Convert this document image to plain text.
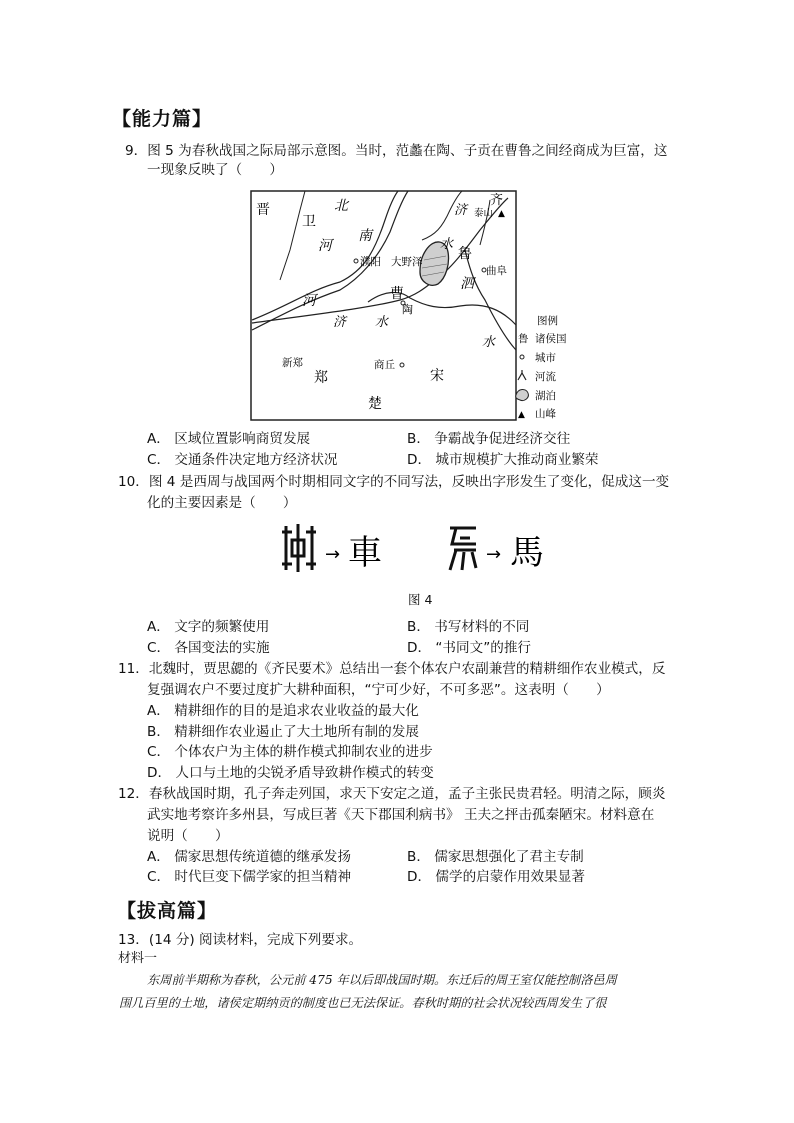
【能力篇】
9．图 5 为春秋战国之际局部示意图。当时，范蠡在陶、子贡在曹鲁之间经商成为巨富，这
一现象反映了（　　）
晋
卫
北
南
河
河
濮阳 大野泽
济
齐
泰山 ▲
水
鲁
曲阜
泗
曹
陶
济 水
水
新郑
郑
商丘
宋
楚
图例
鲁 诸侯国
城市
河流
湖泊
▲ 山峰
A． 区域位置影响商贸发展	B． 争霸战争促进经济交往
C． 交通条件决定地方经济状况	D． 城市规模扩大推动商业繁荣
10．图 4 是西周与战国两个时期相同文字的不同写法，反映出字形发生了变化，促成这一变
化的主要因素是（　　）
→ 車	→ 馬
图 4
A． 文字的频繁使用	B． 书写材料的不同
C． 各国变法的实施	D． “书同文”的推行
11．北魏时，贾思勰的《齐民要术》总结出一套个体农户农副兼营的精耕细作农业模式，反
复强调农户不要过度扩大耕种面积，“宁可少好，不可多恶”。这表明（　　）
A． 精耕细作的目的是追求农业收益的最大化
B． 精耕细作农业遏止了大土地所有制的发展
C． 个体农户为主体的耕作模式抑制农业的进步
D． 人口与土地的尖锐矛盾导致耕作模式的转变
12．春秋战国时期，孔子奔走列国，求天下安定之道，孟子主张民贵君轻。明清之际，顾炎
武实地考察许多州县，写成巨著《天下郡国利病书》 王夫之抨击孤秦陋宋。材料意在
说明（　　）
A． 儒家思想传统道德的继承发扬	B． 儒家思想强化了君主专制
C． 时代巨变下儒学家的担当精神	D． 儒学的启蒙作用效果显著
【拔高篇】
13．(14 分) 阅读材料，完成下列要求。
材料一
东周前半期称为春秋，公元前 475 年以后即战国时期。东迁后的周王室仅能控制洛邑周
围几百里的土地，诸侯定期纳贡的制度也已无法保证。春秋时期的社会状况较西周发生了很
